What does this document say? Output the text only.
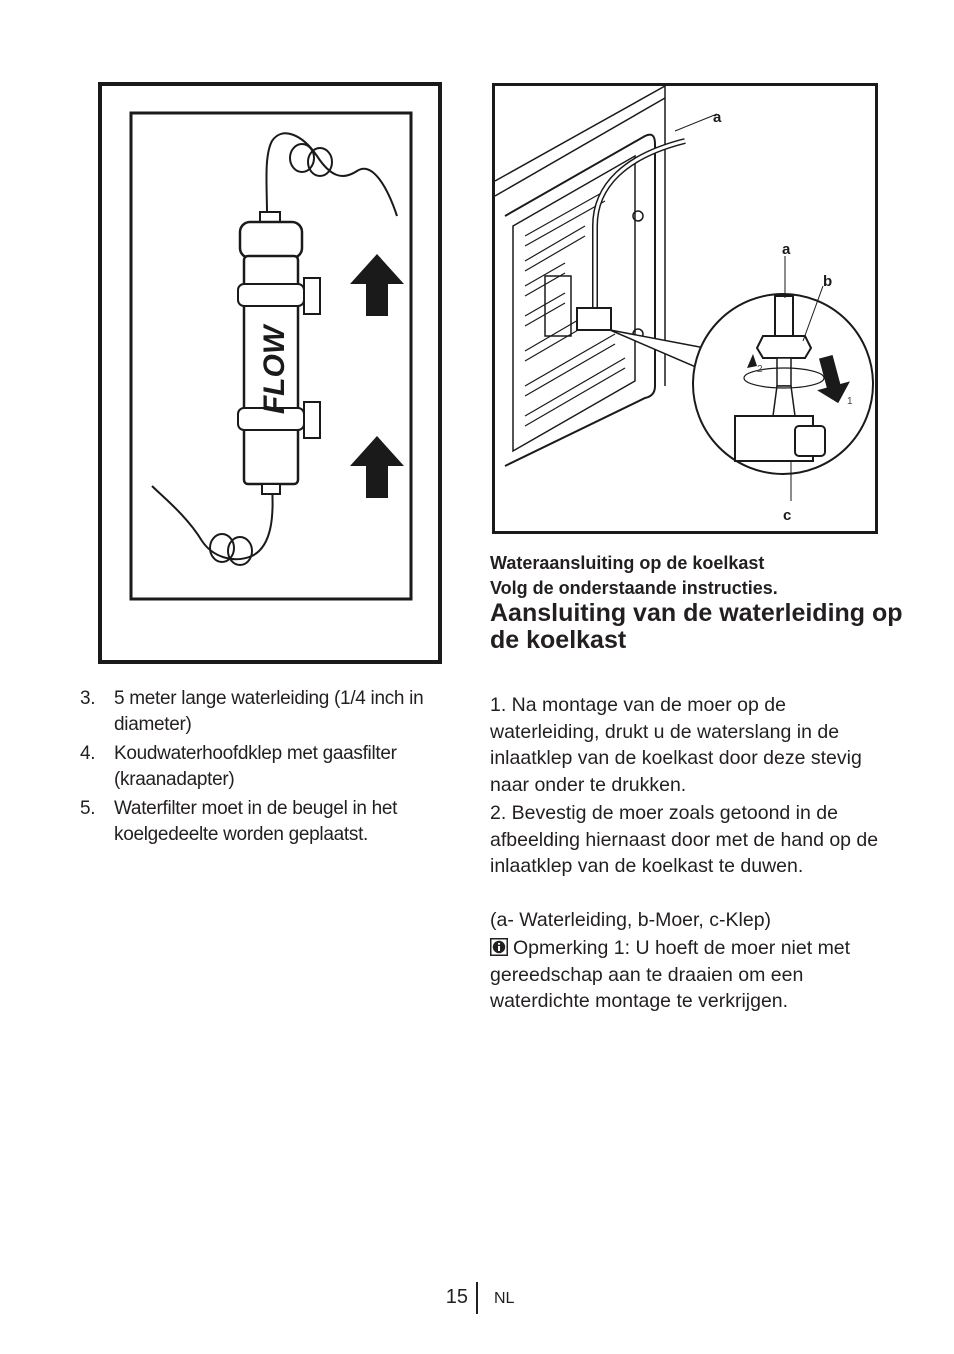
FLOW
a
a
b
c
1
2
3. 5 meter lange waterleiding (1/4 inch in diameter)
4. Koudwaterhoofdklep met gaasfilter (kraanadapter)
5. Waterfilter moet in de beugel in het koelgedeelte worden geplaatst.
Wateraansluiting op de koelkast
Volg de onderstaande instructies.
Aansluiting van de waterleiding op de koelkast

1. Na montage van de moer op de waterleiding, drukt u de waterslang in de inlaatklep van de koelkast door deze stevig naar onder te drukken.

2. Bevestig de moer zoals getoond in de afbeelding hiernaast door met de hand op de inlaatklep van de koelkast te duwen.

(a- Waterleiding, b-Moer, c-Klep)

Opmerking 1: U hoeft de moer niet met gereedschap aan te draaien om een waterdichte montage te verkrijgen.

15 NL
